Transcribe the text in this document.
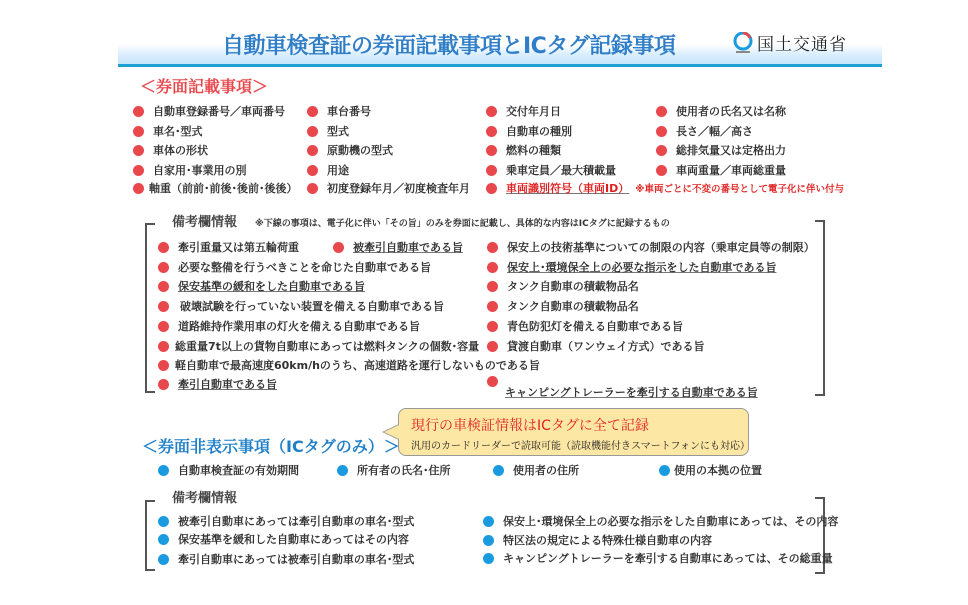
自動車検査証の券面記載事項とICタグ記録事項	国土交通省
＜券面記載事項＞
自動車登録番号／車両番号
車名･型式
車体の形状
自家用･事業用の別
軸重（前前･前後･後前･後後）
車台番号
型式
原動機の型式
用途
初度登録年月／初度検査年月
交付年月日
自動車の種別
燃料の種類
乗車定員／最大積載量
車両識別符号（車両ID） ※車両ごとに不変の番号として電子化に伴い付与
使用者の氏名又は名称
長さ／幅／高さ
総排気量又は定格出力
車両重量／車両総重量
備考欄情報 ※下線の事項は、電子化に伴い「その旨」のみを券面に記載し、具体的な内容はICタグに記録するもの
牽引重量又は第五輪荷重	被牽引自動車である旨
必要な整備を行うべきことを命じた自動車である旨
保安基準の緩和をした自動車である旨
破壊試験を行っていない装置を備える自動車である旨
道路維持作業用車の灯火を備える自動車である旨
総重量7t以上の貨物自動車にあっては燃料タンクの個数･容量
軽自動車で最高速度60km/hのうち、高速道路を運行しないものである旨
牽引自動車である旨
保安上の技術基準についての制限の内容（乗車定員等の制限）
保安上･環境保全上の必要な指示をした自動車である旨
タンク自動車の積載物品名
タンク自動車の積載物品名
青色防犯灯を備える自動車である旨
貸渡自動車（ワンウェイ方式）である旨
キャンピングトレーラーを牽引する自動車である旨
現行の車検証情報はICタグに全て記録
汎用のカードリーダーで読取可能（読取機能付きスマートフォンにも対応）
＜券面非表示事項（ICタグのみ）＞
自動車検査証の有効期間	所有者の氏名･住所	使用者の住所	使用の本拠の位置
備考欄情報
被牽引自動車にあっては牽引自動車の車名･型式
保安基準を緩和した自動車にあってはその内容
牽引自動車にあっては被牽引自動車の車名･型式
保安上･環境保全上の必要な指示をした自動車にあっては、その内容
特区法の規定による特殊仕様自動車の内容
キャンピングトレーラーを牽引する自動車にあっては、その総重量
